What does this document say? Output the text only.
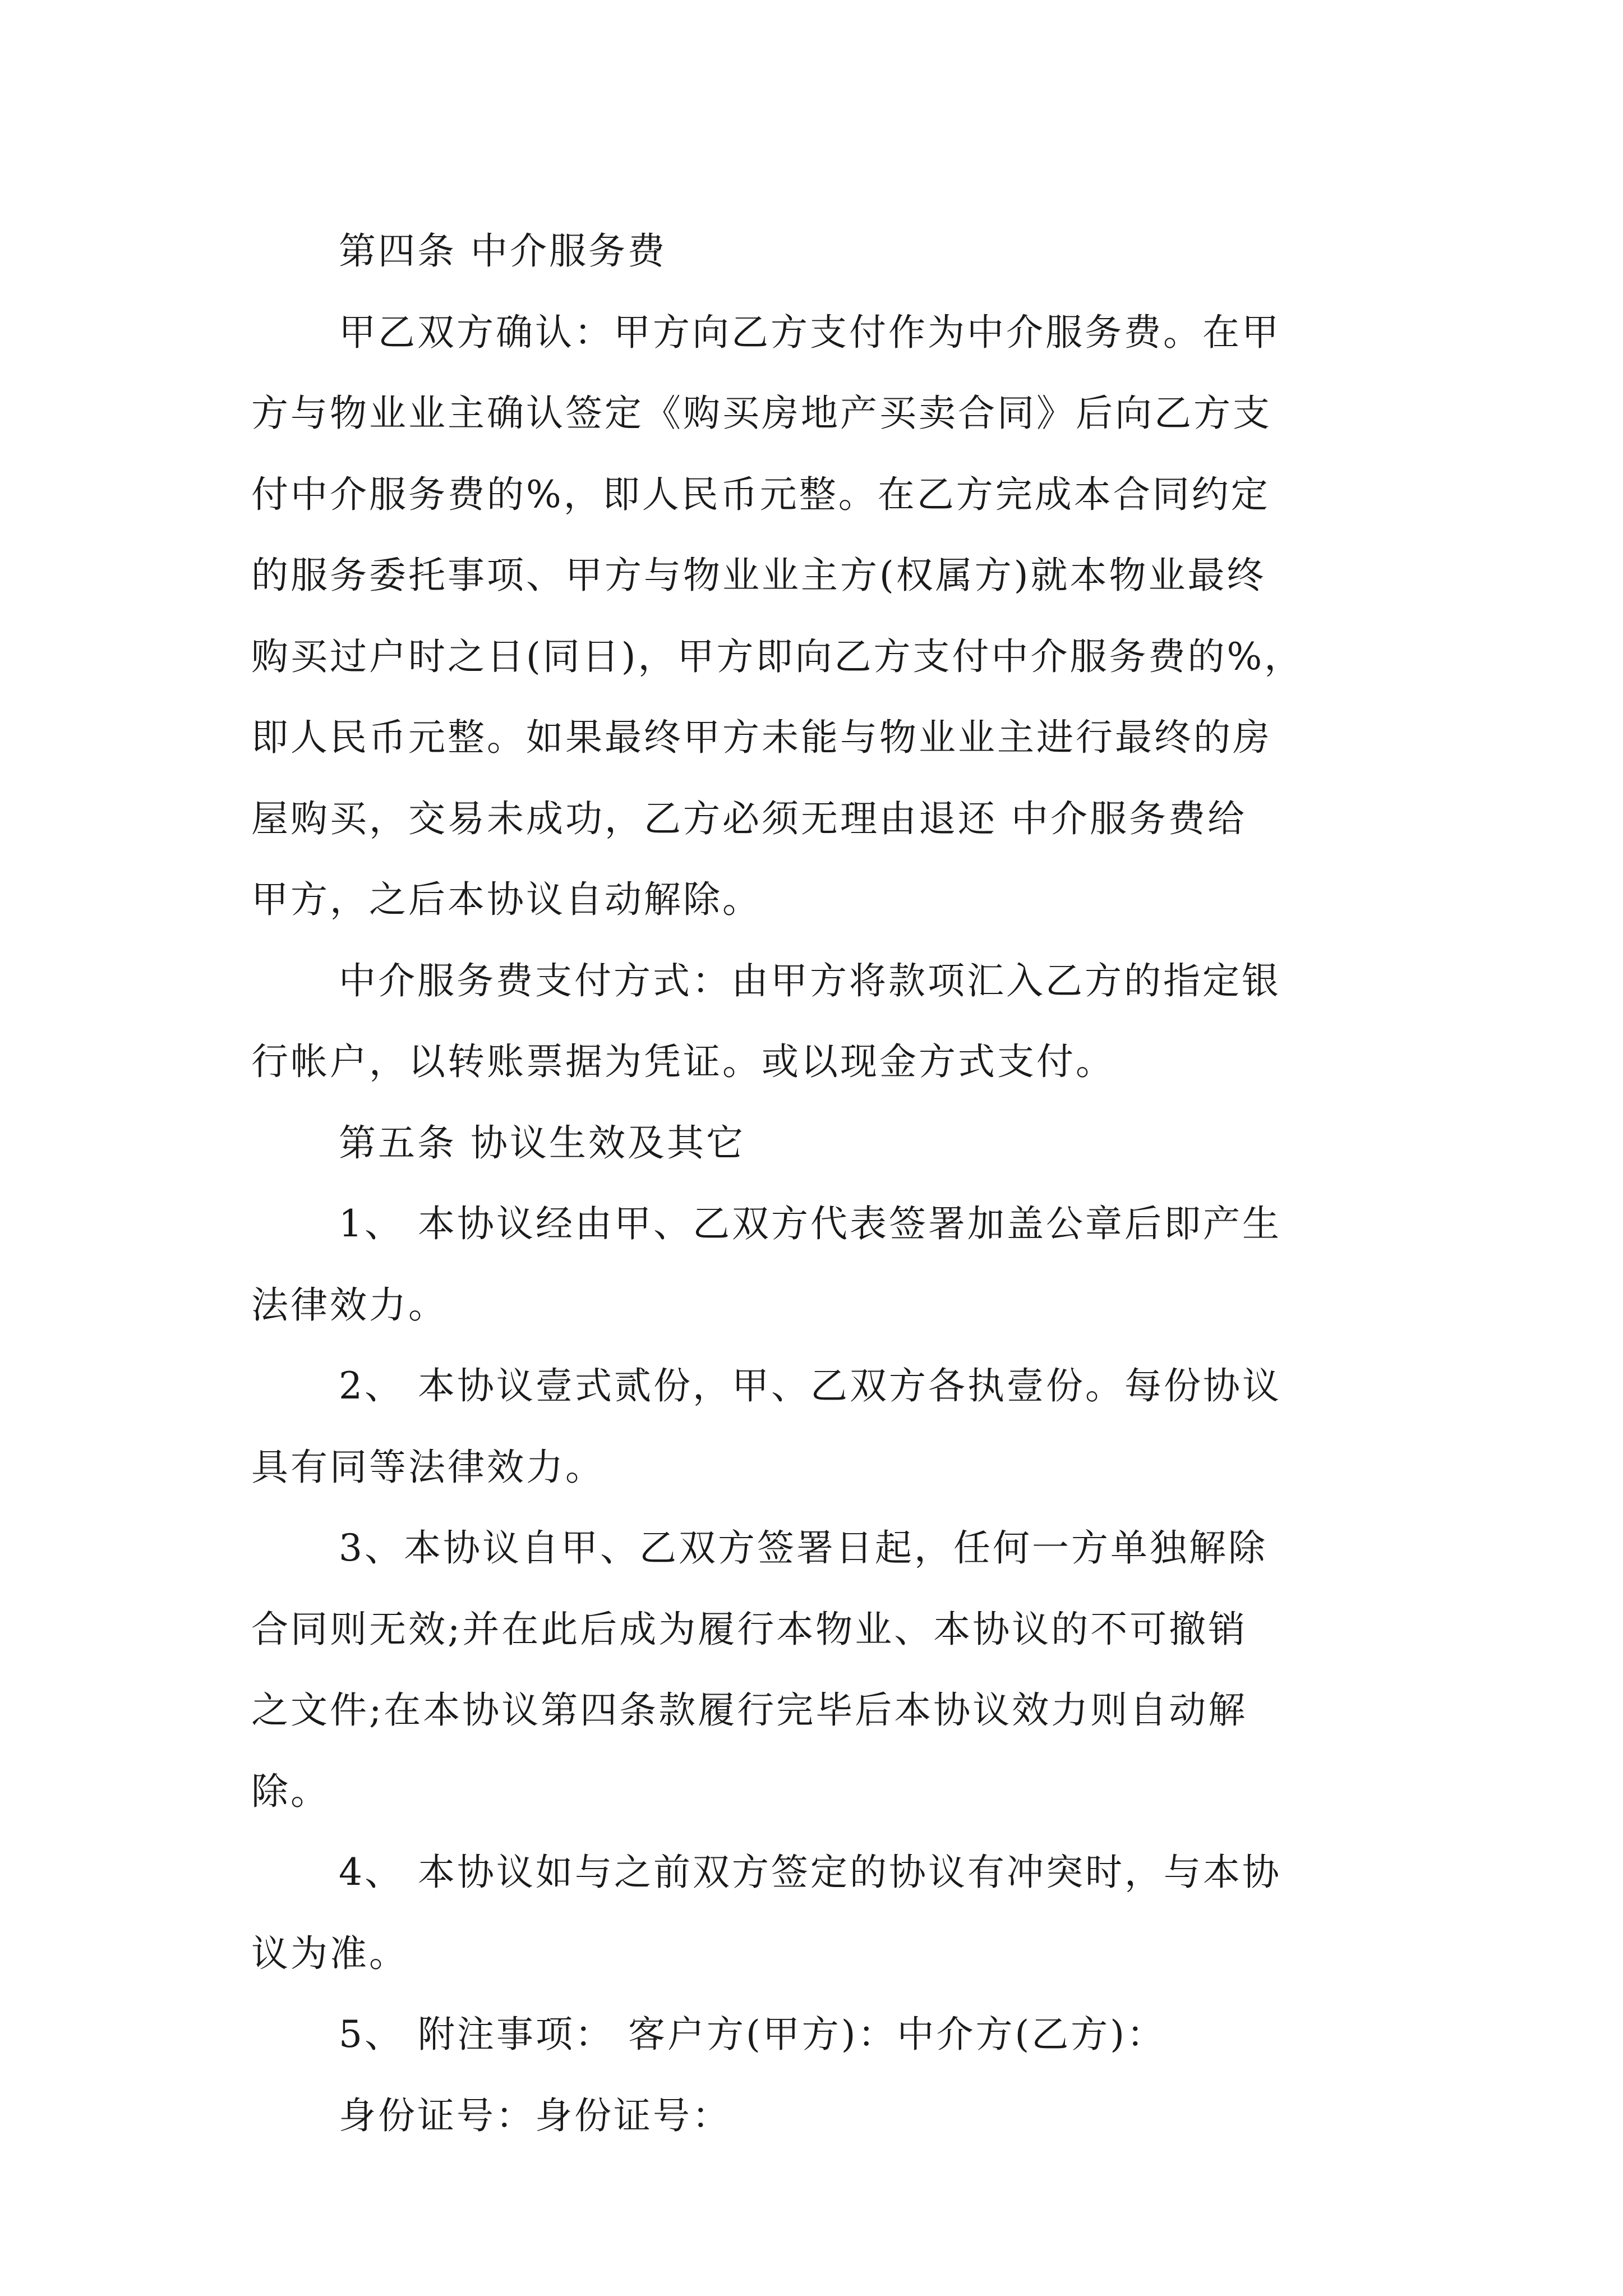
第四条 中介服务费
甲乙双方确认：甲方向乙方支付作为中介服务费。在甲
方与物业业主确认签定《购买房地产买卖合同》后向乙方支
付中介服务费的%，即人民币元整。在乙方完成本合同约定
的服务委托事项、甲方与物业业主方(权属方)就本物业最终
购买过户时之日(同日)，甲方即向乙方支付中介服务费的%，
即人民币元整。如果最终甲方未能与物业业主进行最终的房
屋购买，交易未成功，乙方必须无理由退还 中介服务费给
甲方，之后本协议自动解除。
中介服务费支付方式：由甲方将款项汇入乙方的指定银
行帐户，以转账票据为凭证。或以现金方式支付。
第五条 协议生效及其它
1、 本协议经由甲、乙双方代表签署加盖公章后即产生
法律效力。
2、 本协议壹式贰份，甲、乙双方各执壹份。每份协议
具有同等法律效力。
3、本协议自甲、乙双方签署日起，任何一方单独解除
合同则无效;并在此后成为履行本物业、本协议的不可撤销
之文件;在本协议第四条款履行完毕后本协议效力则自动解
除。
4、 本协议如与之前双方签定的协议有冲突时，与本协
议为准。
5、 附注事项： 客户方(甲方)：中介方(乙方)：
身份证号：身份证号：
